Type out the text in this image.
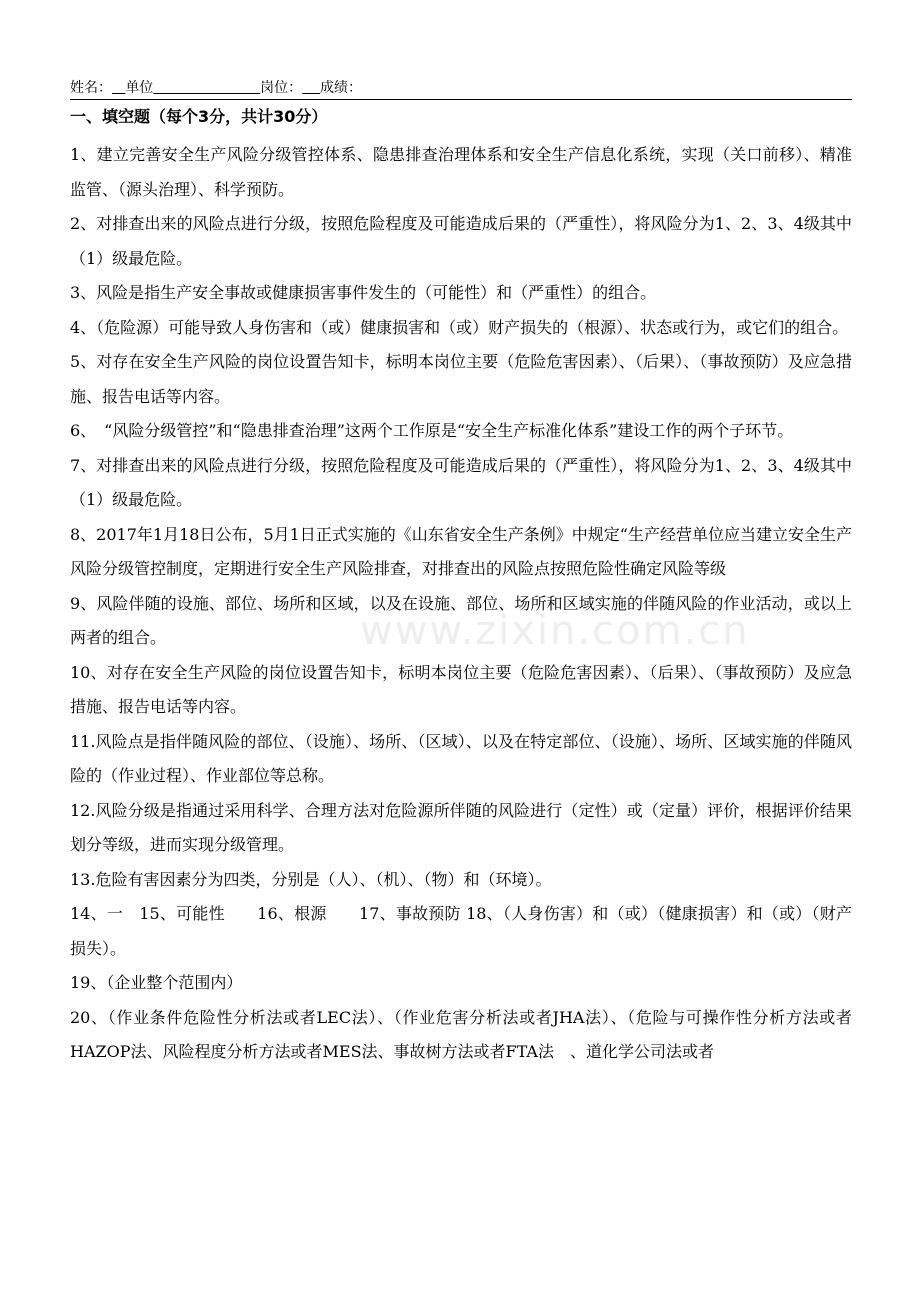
姓名： 单位	岗位： 成绩：
一、填空题（每个3分，共计30分）
www.zixin.com.cn

1、建立完善安全生产风险分级管控体系、隐患排查治理体系和安全生产信息化系统，实现（关口前移）、精准监管、（源头治理）、科学预防。

2、对排查出来的风险点进行分级，按照危险程度及可能造成后果的（严重性），将风险分为1、2、3、4级其中（1）级最危险。

3、风险是指生产安全事故或健康损害事件发生的（可能性）和（严重性）的组合。

4、（危险源）可能导致人身伤害和（或）健康损害和（或）财产损失的（根源）、状态或行为，或它们的组合。

5、对存在安全生产风险的岗位设置告知卡，标明本岗位主要（危险危害因素）、（后果）、（事故预防）及应急措施、报告电话等内容。

6、　“风险分级管控”和“隐患排查治理”这两个工作原是“安全生产标准化体系”建设工作的两个子环节。

7、对排查出来的风险点进行分级，按照危险程度及可能造成后果的（严重性），将风险分为1、2、3、4级其中（1）级最危险。

8、2017年1月18日公布，5月1日正式实施的《山东省安全生产条例》中规定“生产经营单位应当建立安全生产风险分级管控制度，定期进行安全生产风险排查，对排查出的风险点按照危险性确定风险等级

9、风险伴随的设施、部位、场所和区域，以及在设施、部位、场所和区域实施的伴随风险的作业活动，或以上两者的组合。

10、对存在安全生产风险的岗位设置告知卡，标明本岗位主要（危险危害因素）、（后果）、（事故预防）及应急措施、报告电话等内容。

11.风险点是指伴随风险的部位、（设施）、场所、（区域）、以及在特定部位、（设施）、场所、区域实施的伴随风险的（作业过程）、作业部位等总称。

12.风险分级是指通过采用科学、合理方法对危险源所伴随的风险进行（定性）或（定量）评价，根据评价结果划分等级，进而实现分级管理。

13.危险有害因素分为四类，分别是（人）、（机）、（物）和（环境）。

14、一　15、可能性　　16、根源　　17、事故预防 18、（人身伤害）和（或）（健康损害）和（或）（财产损失）。

19、（企业整个范围内）

20、（作业条件危险性分析法或者LEC法）、（作业危害分析法或者JHA法）、（危险与可操作性分析方法或者HAZOP法、风险程度分析方法或者MES法、事故树方法或者FTA法　、道化学公司法或者
